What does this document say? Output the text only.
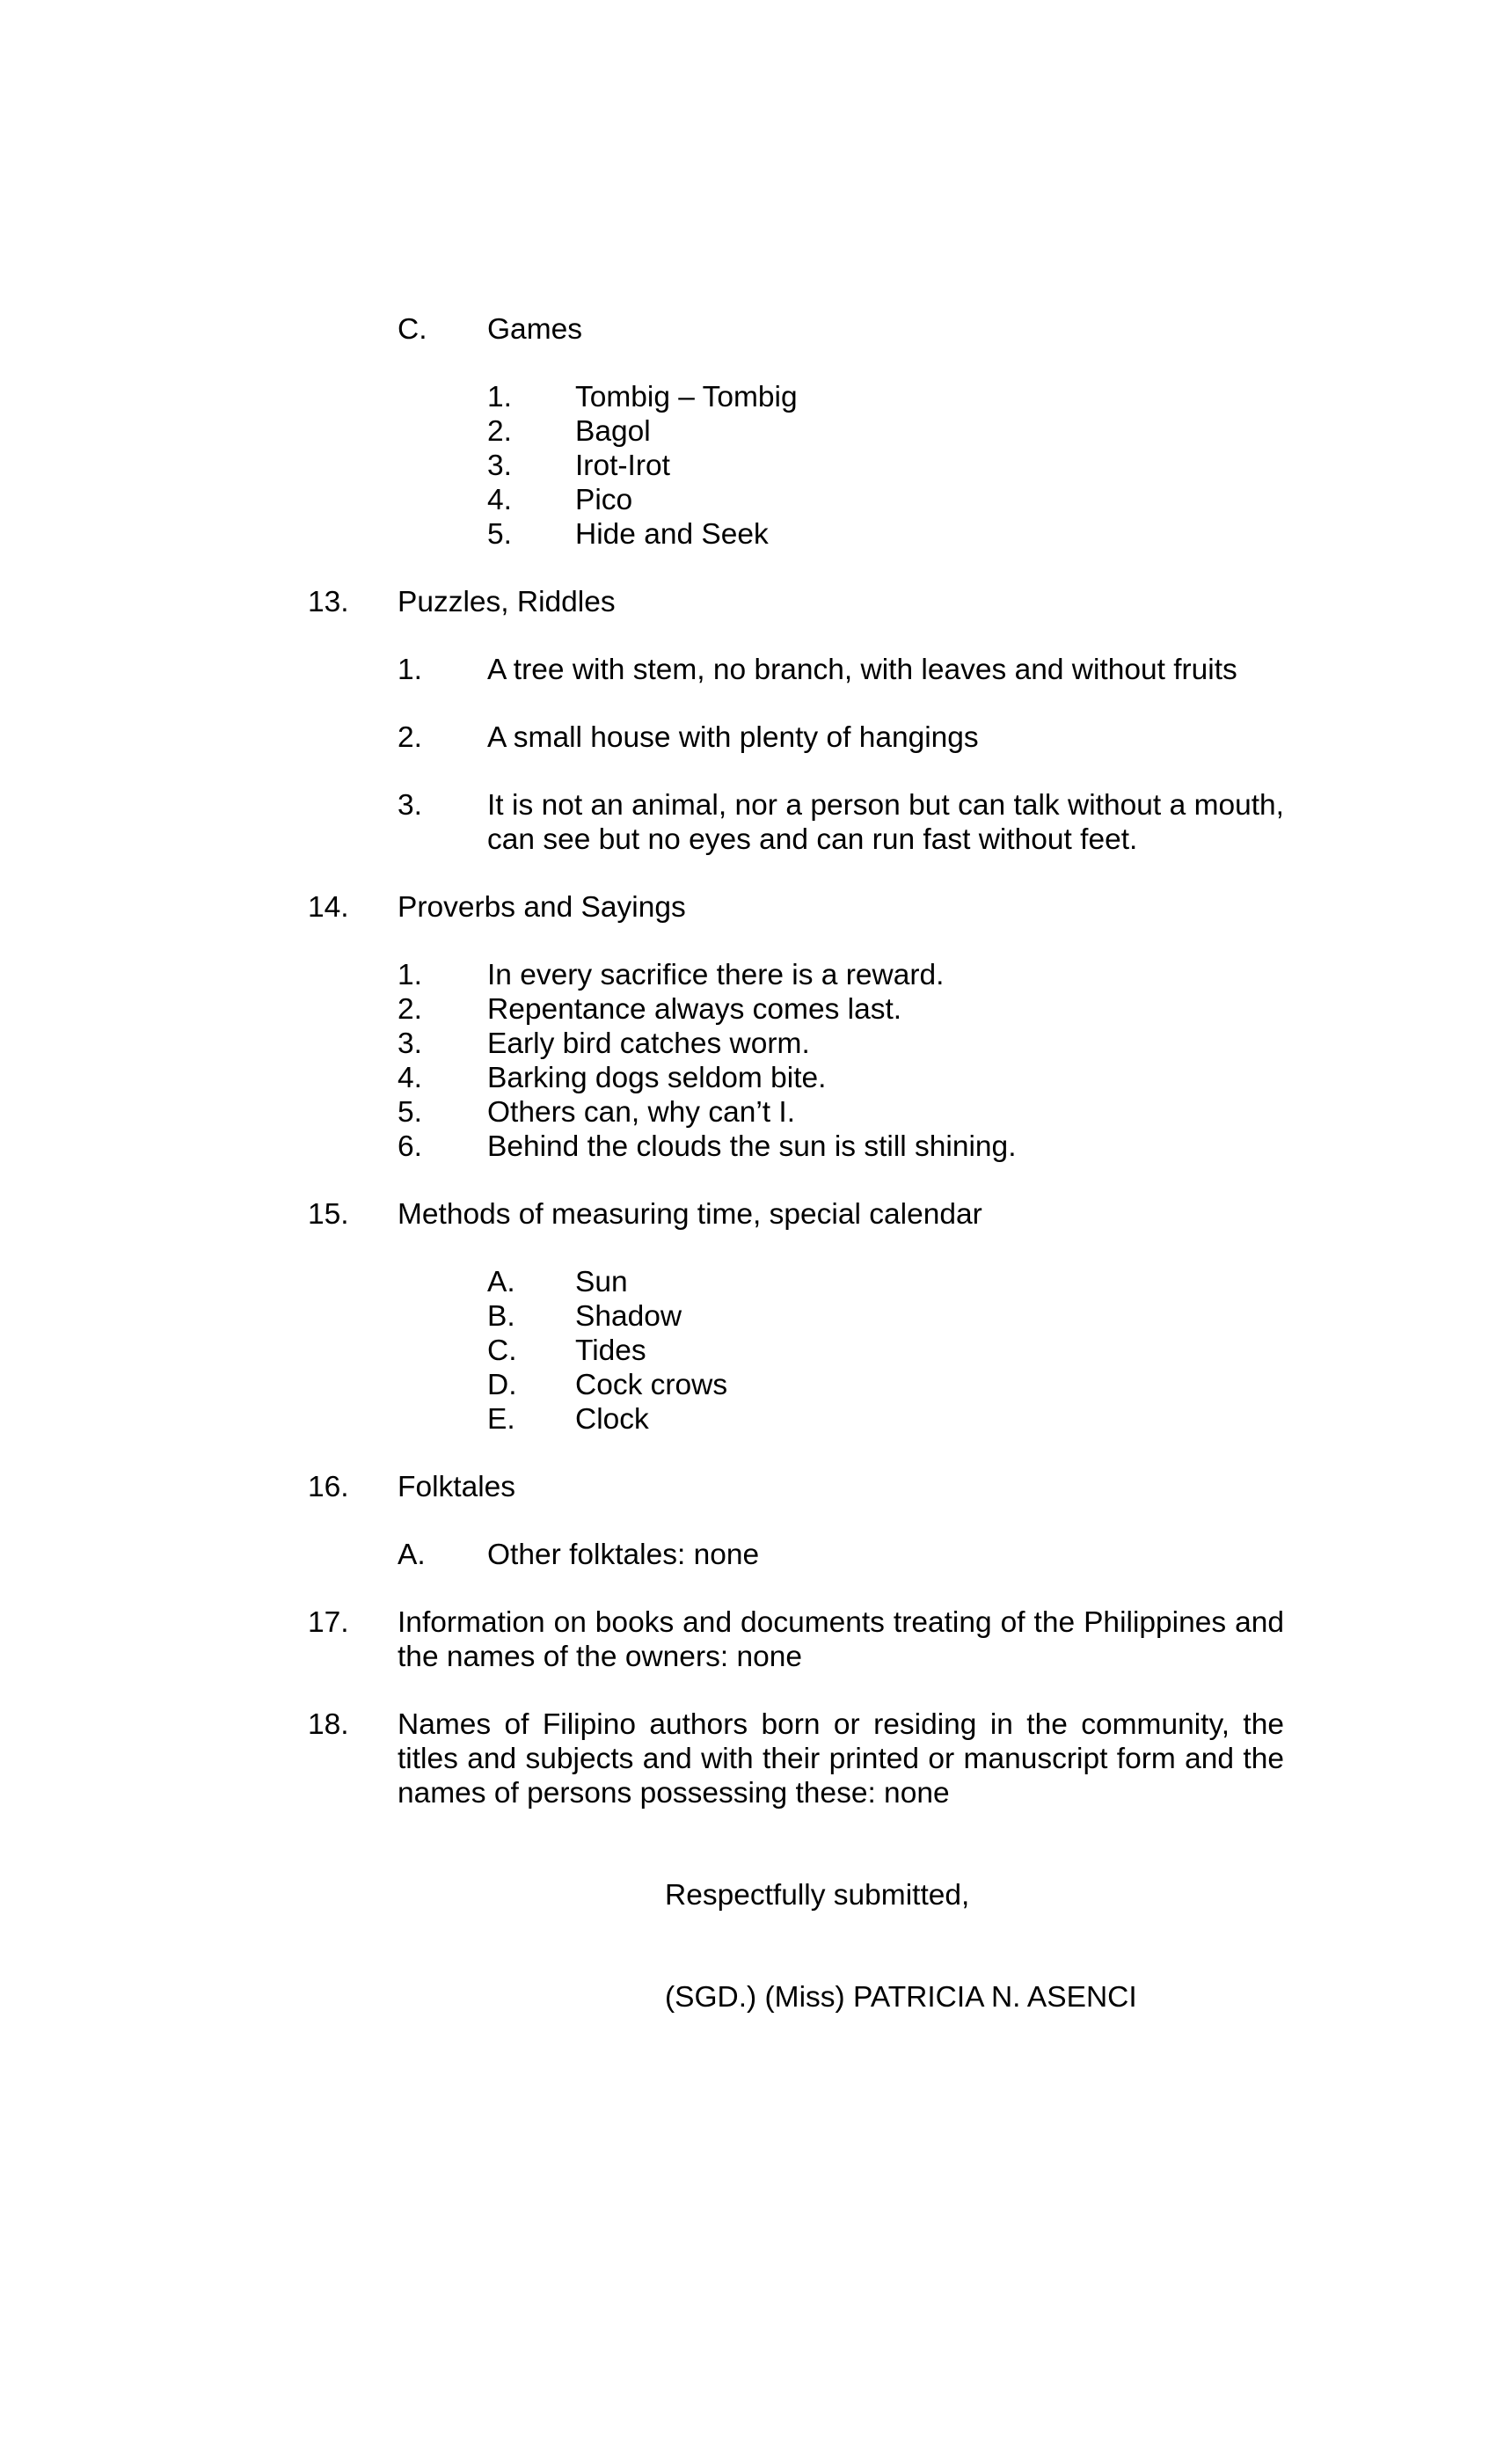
C. Games
1. Tombig – Tombig
2. Bagol
3. Irot-Irot
4. Pico
5. Hide and Seek
13. Puzzles, Riddles
1. A tree with stem, no branch, with leaves and without fruits
2. A small house with plenty of hangings
3. It is not an animal, nor a person but can talk without a mouth, can see but no eyes and can run fast without feet.
14. Proverbs and Sayings
1. In every sacrifice there is a reward.
2. Repentance always comes last.
3. Early bird catches worm.
4. Barking dogs seldom bite.
5. Others can, why can’t I.
6. Behind the clouds the sun is still shining.
15. Methods of measuring time, special calendar
A. Sun
B. Shadow
C. Tides
D. Cock crows
E. Clock
16. Folktales
A. Other folktales: none
17. Information on books and documents treating of the Philippines and the names of the owners: none
18. Names of Filipino authors born or residing in the community, the titles and subjects and with their printed or manuscript form and the names of persons possessing these: none
Respectfully submitted,
(SGD.) (Miss) PATRICIA N. ASENCI
